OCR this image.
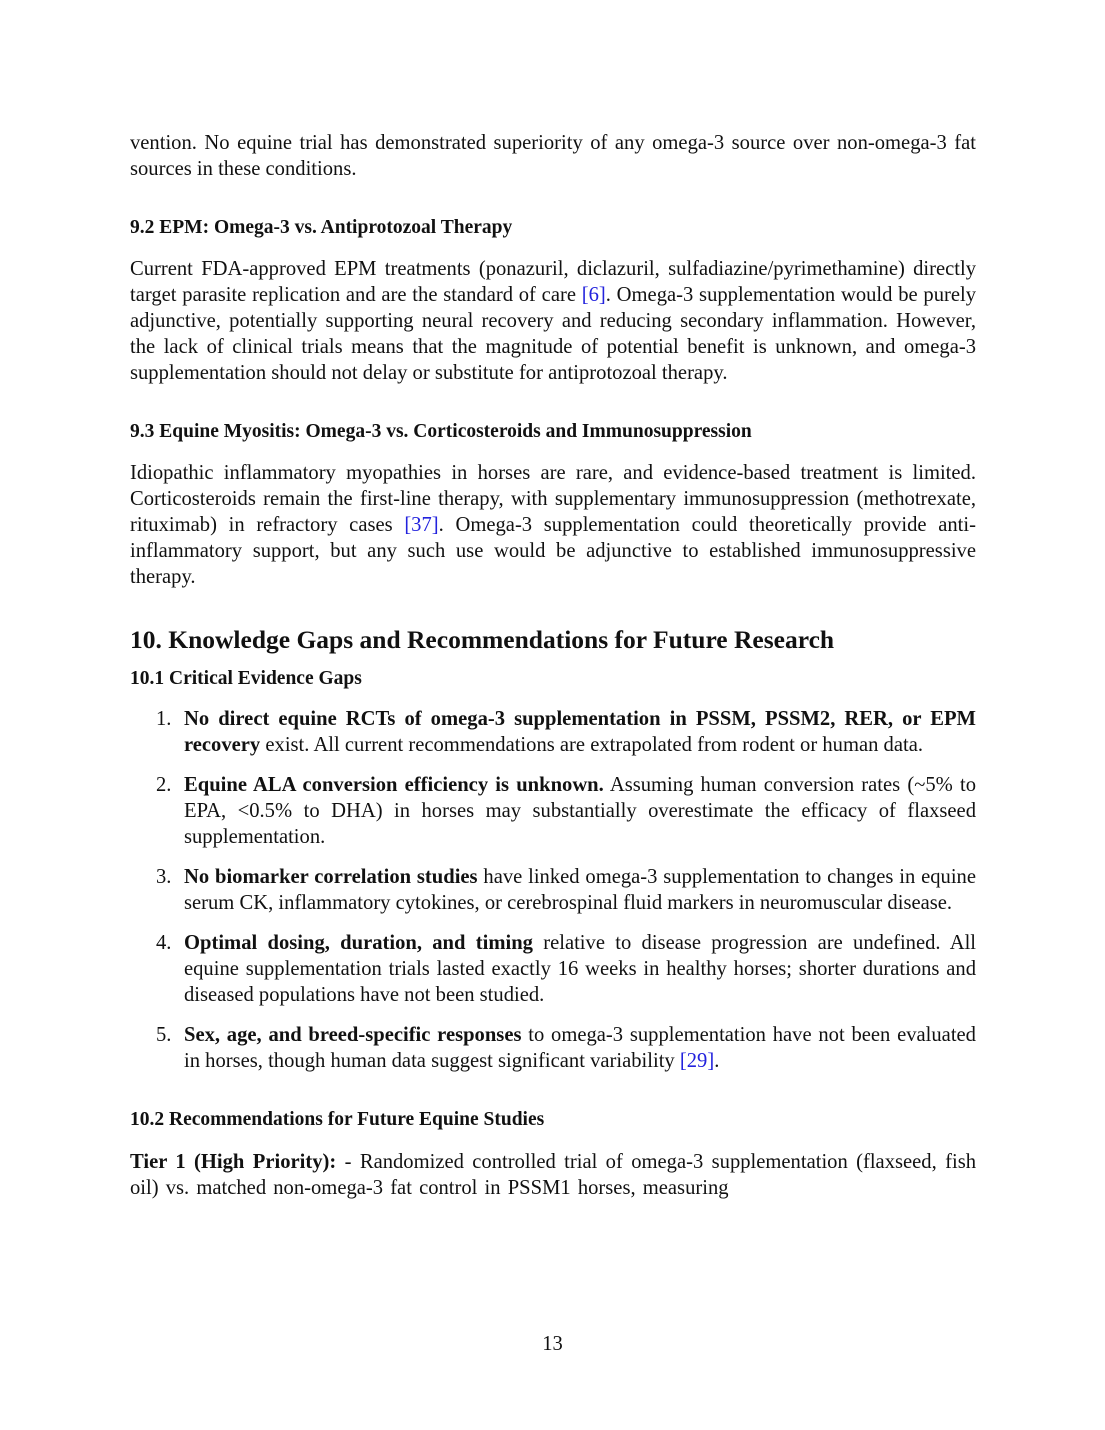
vention. No equine trial has demonstrated superiority of any omega-3 source over non-omega-3 fat sources in these conditions.

9.2 EPM: Omega-3 vs. Antiprotozoal Therapy

Current FDA-approved EPM treatments (ponazuril, diclazuril, sulfadiazine/pyrimethamine) directly target parasite replication and are the standard of care [6]. Omega-3 supplementation would be purely adjunctive, potentially supporting neural recovery and reducing secondary inflammation. However, the lack of clinical trials means that the magnitude of potential benefit is unknown, and omega-3 supplementation should not delay or substitute for antiprotozoal therapy.

9.3 Equine Myositis: Omega-3 vs. Corticosteroids and Immunosuppression

Idiopathic inflammatory myopathies in horses are rare, and evidence-based treatment is limited. Corticosteroids remain the first-line therapy, with supplementary immunosuppression (methotrexate, rituximab) in refractory cases [37]. Omega-3 supplementation could theoretically provide anti-inflammatory support, but any such use would be adjunctive to established immunosuppressive therapy.

10. Knowledge Gaps and Recommendations for Future Research
10.1 Critical Evidence Gaps
1. No direct equine RCTs of omega-3 supplementation in PSSM, PSSM2, RER, or EPM recovery exist. All current recommendations are extrapolated from rodent or human data.
2. Equine ALA conversion efficiency is unknown. Assuming human conversion rates (~5% to EPA, <0.5% to DHA) in horses may substantially overestimate the efficacy of flaxseed supplementation.
3. No biomarker correlation studies have linked omega-3 supplementation to changes in equine serum CK, inflammatory cytokines, or cerebrospinal fluid markers in neuromuscular disease.
4. Optimal dosing, duration, and timing relative to disease progression are undefined. All equine supplementation trials lasted exactly 16 weeks in healthy horses; shorter durations and diseased populations have not been studied.
5. Sex, age, and breed-specific responses to omega-3 supplementation have not been evaluated in horses, though human data suggest significant variability [29].
10.2 Recommendations for Future Equine Studies

Tier 1 (High Priority): - Randomized controlled trial of omega-3 supplementation (flaxseed, fish oil) vs. matched non-omega-3 fat control in PSSM1 horses, measuring

13
